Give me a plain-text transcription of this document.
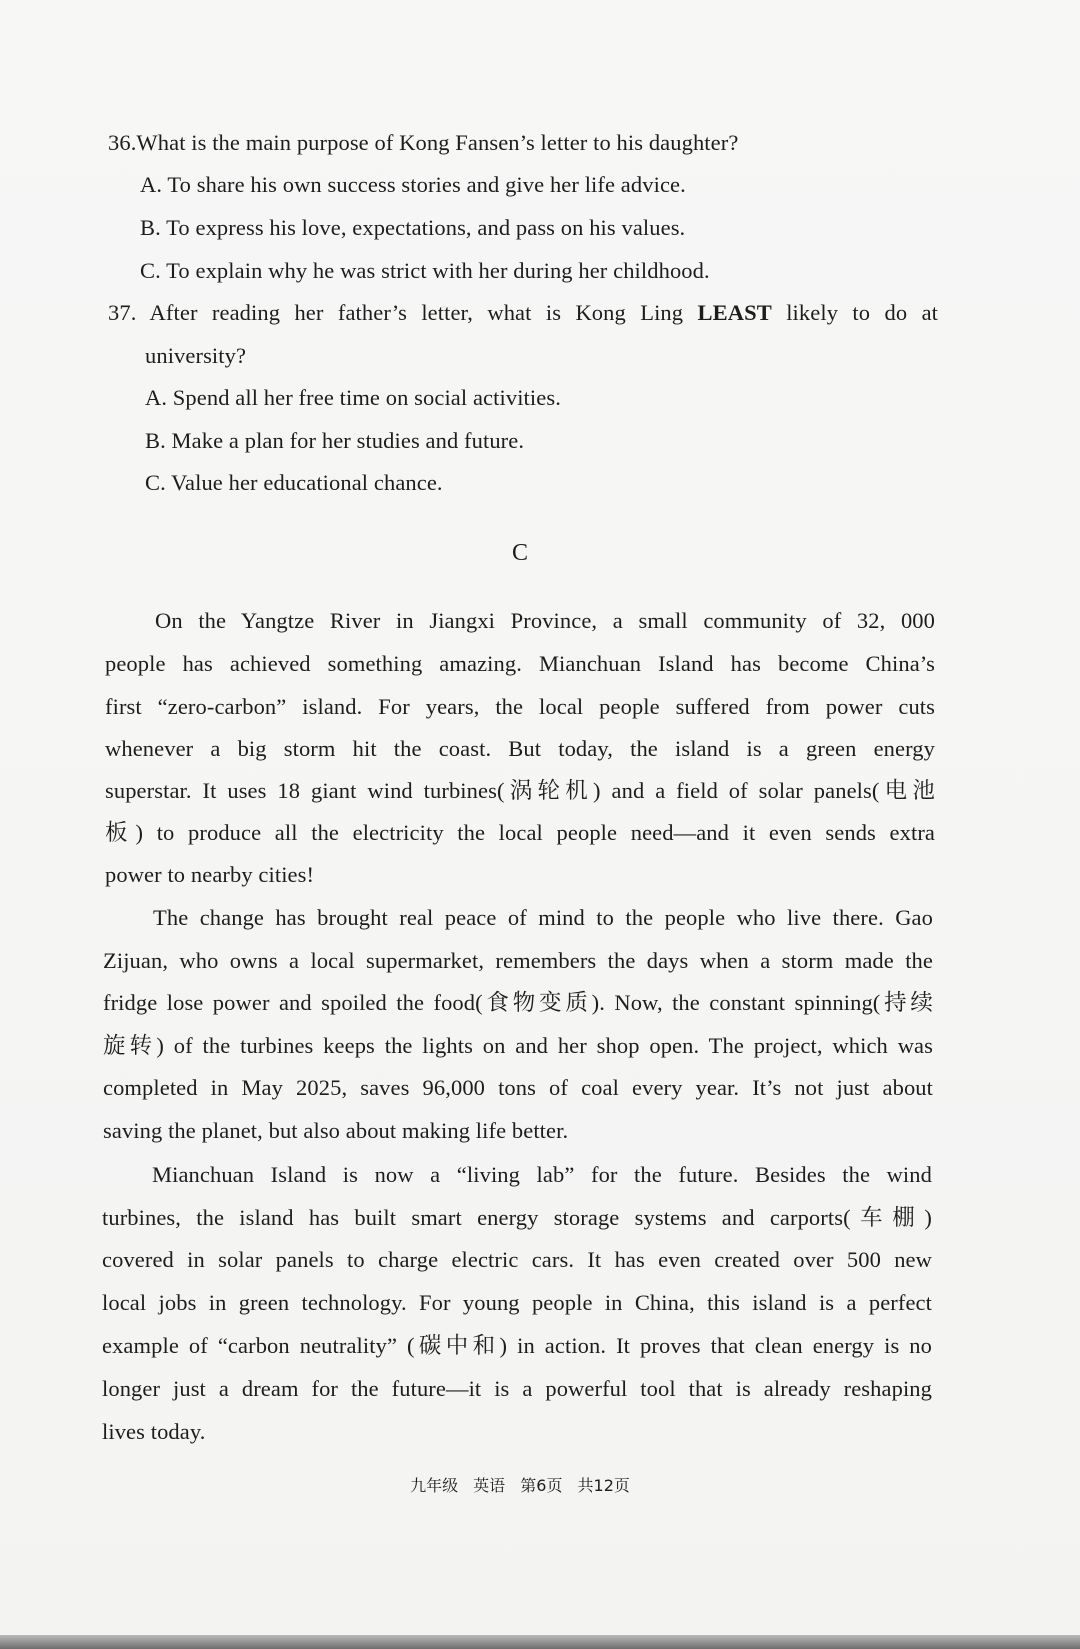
36.What is the main purpose of Kong Fansen’s letter to his daughter?
A. To share his own success stories and give her life advice.
B. To express his love, expectations, and pass on his values.
C. To explain why he was strict with her during her childhood.
37. After reading her father’s letter, what is Kong Ling LEAST likely to do at
university?
A. Spend all her free time on social activities.
B. Make a plan for her studies and future.
C. Value her educational chance.
C
On the Yangtze River in Jiangxi Province, a small community of 32, 000
people has achieved something amazing. Mianchuan Island has become China’s
first “zero-carbon” island. For years, the local people suffered from power cuts
whenever a big storm hit the coast. But today, the island is a green energy
superstar. It uses 18 giant wind turbines(涡轮机) and a field of solar panels(电池
板) to produce all the electricity the local people need—and it even sends extra
power to nearby cities!
The change has brought real peace of mind to the people who live there. Gao
Zijuan, who owns a local supermarket, remembers the days when a storm made the
fridge lose power and spoiled the food(食物变质). Now, the constant spinning(持续
旋转) of the turbines keeps the lights on and her shop open. The project, which was
completed in May 2025, saves 96,000 tons of coal every year. It’s not just about
saving the planet, but also about making life better.
Mianchuan Island is now a “living lab” for the future. Besides the wind
turbines, the island has built smart energy storage systems and carports(车棚)
covered in solar panels to charge electric cars. It has even created over 500 new
local jobs in green technology. For young people in China, this island is a perfect
example of “carbon neutrality” (碳中和) in action. It proves that clean energy is no
longer just a dream for the future—it is a powerful tool that is already reshaping
lives today.
九年级 英语 第6页 共12页
